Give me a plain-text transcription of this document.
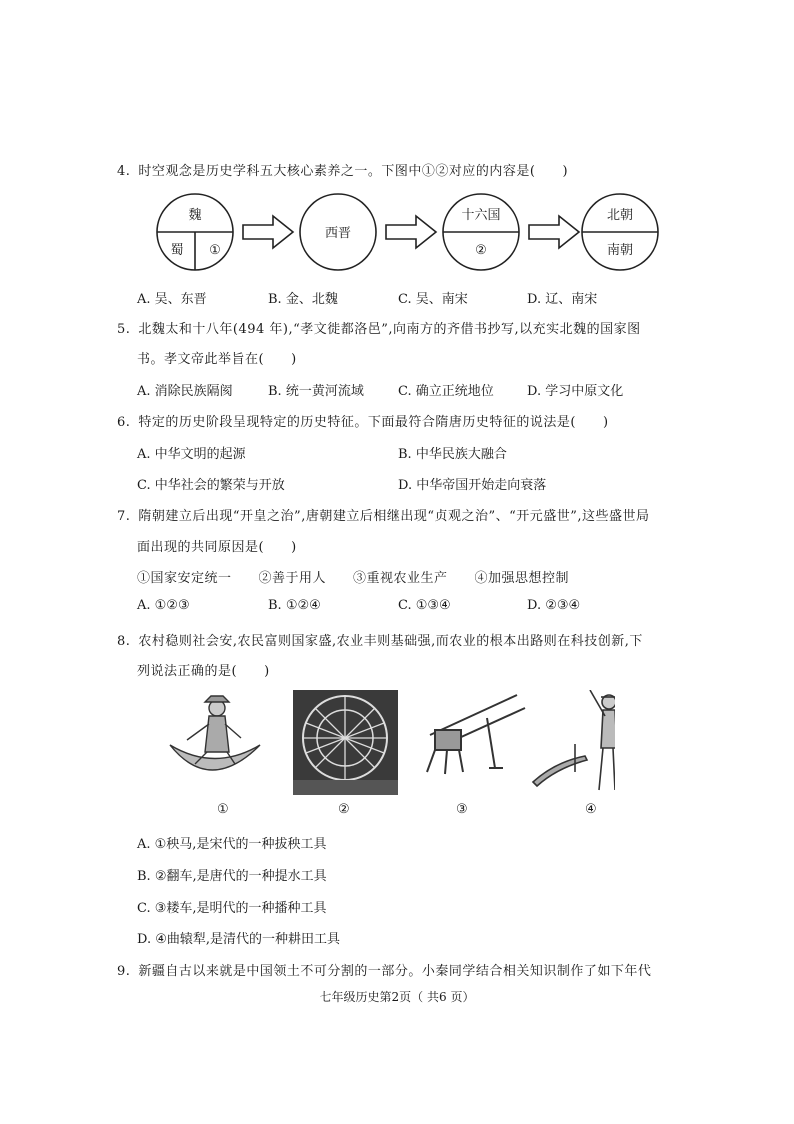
4. 时空观念是历史学科五大核心素养之一。下图中①②对应的内容是(　　)
魏
蜀 ①
西晋
十六国
②
北朝
南朝
A. 吴、东晋	B. 金、北魏	C. 吴、南宋	D. 辽、南宋
5. 北魏太和十八年(494 年),“孝文徙都洛邑”,向南方的齐借书抄写,以充实北魏的国家图
书。孝文帝此举旨在(　　)
A. 消除民族隔阂	B. 统一黄河流域	C. 确立正统地位	D. 学习中原文化
6. 特定的历史阶段呈现特定的历史特征。下面最符合隋唐历史特征的说法是(　　)
A. 中华文明的起源	B. 中华民族大融合
C. 中华社会的繁荣与开放	D. 中华帝国开始走向衰落
7. 隋朝建立后出现“开皇之治”,唐朝建立后相继出现“贞观之治”、“开元盛世”,这些盛世局
面出现的共同原因是(　　)
①国家安定统一　　②善于用人　　③重视农业生产　　④加强思想控制
A. ①②③	B. ①②④	C. ①③④	D. ②③④
8. 农村稳则社会安,农民富则国家盛,农业丰则基础强,而农业的根本出路则在科技创新,下
列说法正确的是(　　)
①	②	③	④
A. ①秧马,是宋代的一种拔秧工具
B. ②翻车,是唐代的一种提水工具
C. ③耧车,是明代的一种播种工具
D. ④曲辕犁,是清代的一种耕田工具
9. 新疆自古以来就是中国领土不可分割的一部分。小秦同学结合相关知识制作了如下年代
七年级历史第2页（ 共6 页）
